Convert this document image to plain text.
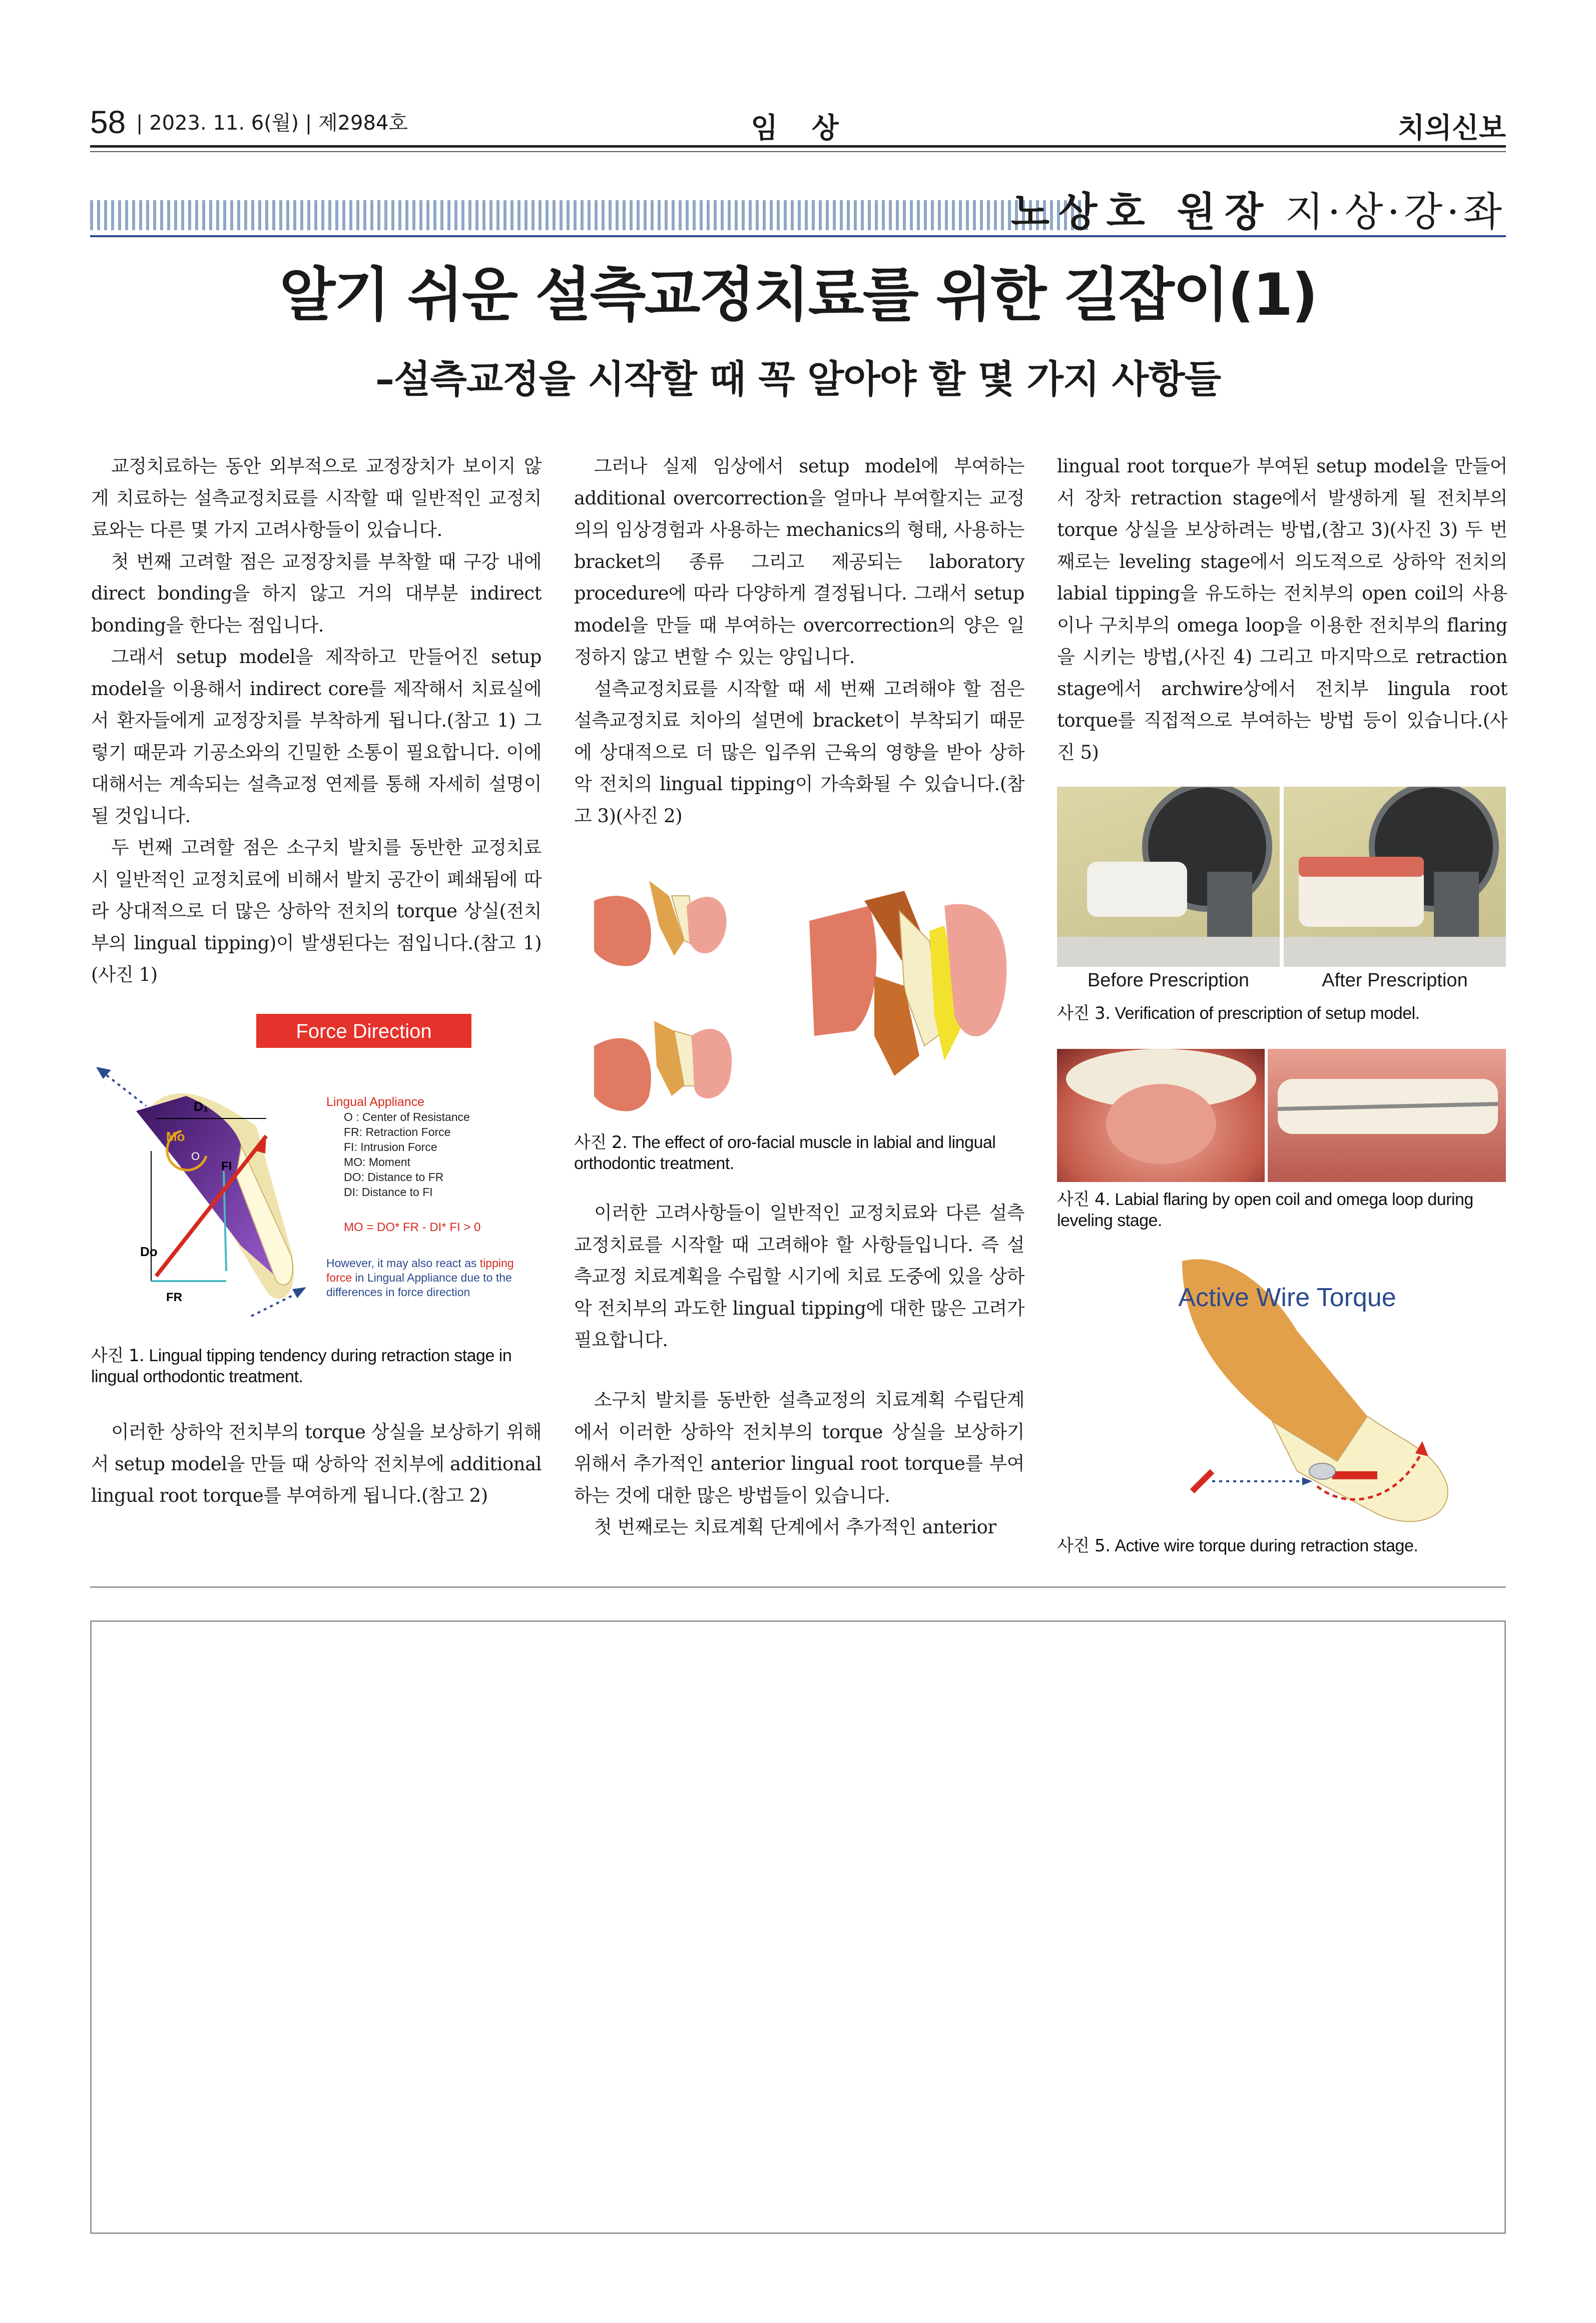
58 | 2023. 11. 6(월) | 제2984호	임 상	치의신보
노상호 원장 지·상·강·좌
알기 쉬운 설측교정치료를 위한 길잡이(1)
–설측교정을 시작할 때 꼭 알아야 할 몇 가지 사항들

교정치료하는 동안 외부적으로 교정장치가 보이지 않게 치료하는 설측교정치료를 시작할 때 일반적인 교정치료와는 다른 몇 가지 고려사항들이 있습니다.

첫 번째 고려할 점은 교정장치를 부착할 때 구강 내에 direct bonding을 하지 않고 거의 대부분 indirect bonding을 한다는 점입니다.

그래서 setup model을 제작하고 만들어진 setup model을 이용해서 indirect core를 제작해서 치료실에서 환자들에게 교정장치를 부착하게 됩니다.(참고 1) 그렇기 때문과 기공소와의 긴밀한 소통이 필요합니다. 이에 대해서는 계속되는 설측교정 연제를 통해 자세히 설명이 될 것입니다.

두 번째 고려할 점은 소구치 발치를 동반한 교정치료 시 일반적인 교정치료에 비해서 발치 공간이 폐쇄됨에 따라 상대적으로 더 많은 상하악 전치의 torque 상실(전치부의 lingual tipping)이 발생된다는 점입니다.(참고 1)(사진 1)

Force Direction
D₁
Mo
O
FI
Dо
FR
Lingual Appliance
O : Center of Resistance
FR: Retraction Force
FI: Intrusion Force
MO: Moment
DO: Distance to FR
DI: Distance to FI
MO = DO* FR - DI* FI > 0
However, it may also react as tipping force in Lingual Appliance due to the differences in force direction
사진 1. Lingual tipping tendency during retraction stage in lingual orthodontic treatment.

이러한 상하악 전치부의 torque 상실을 보상하기 위해서 setup model을 만들 때 상하악 전치부에 additional lingual root torque를 부여하게 됩니다.(참고 2)

그러나 실제 임상에서 setup model에 부여하는 additional overcorrection을 얼마나 부여할지는 교정의의 임상경험과 사용하는 mechanics의 형태, 사용하는 bracket의 종류 그리고 제공되는 laboratory procedure에 따라 다양하게 결정됩니다. 그래서 setup model을 만들 때 부여하는 overcorrection의 양은 일정하지 않고 변할 수 있는 양입니다.

설측교정치료를 시작할 때 세 번째 고려해야 할 점은 설측교정치료 치아의 설면에 bracket이 부착되기 때문에 상대적으로 더 많은 입주위 근육의 영향을 받아 상하악 전치의 lingual tipping이 가속화될 수 있습니다.(참고 3)(사진 2)

사진 2. The effect of oro-facial muscle in labial and lingual orthodontic treatment.

이러한 고려사항들이 일반적인 교정치료와 다른 설측교정치료를 시작할 때 고려해야 할 사항들입니다. 즉 설측교정 치료계획을 수립할 시기에 치료 도중에 있을 상하악 전치부의 과도한 lingual tipping에 대한 많은 고려가 필요합니다.

소구치 발치를 동반한 설측교정의 치료계획 수립단계에서 이러한 상하악 전치부의 torque 상실을 보상하기 위해서 추가적인 anterior lingual root torque를 부여하는 것에 대한 많은 방법들이 있습니다.

첫 번째로는 치료계획 단계에서 추가적인 anterior

lingual root torque가 부여된 setup model을 만들어서 장차 retraction stage에서 발생하게 될 전치부의 torque 상실을 보상하려는 방법,(참고 3)(사진 3) 두 번째로는 leveling stage에서 의도적으로 상하악 전치의 labial tipping을 유도하는 전치부의 open coil의 사용이나 구치부의 omega loop을 이용한 전치부의 flaring을 시키는 방법,(사진 4) 그리고 마지막으로 retraction stage에서 archwire상에서 전치부 lingula root torque를 직접적으로 부여하는 방법 등이 있습니다.(사진 5)

Before Prescription	After Prescription
사진 3. Verification of prescription of setup model.
사진 4. Labial flaring by open coil and omega loop during leveling stage.
Active Wire Torque
사진 5. Active wire torque during retraction stage.
